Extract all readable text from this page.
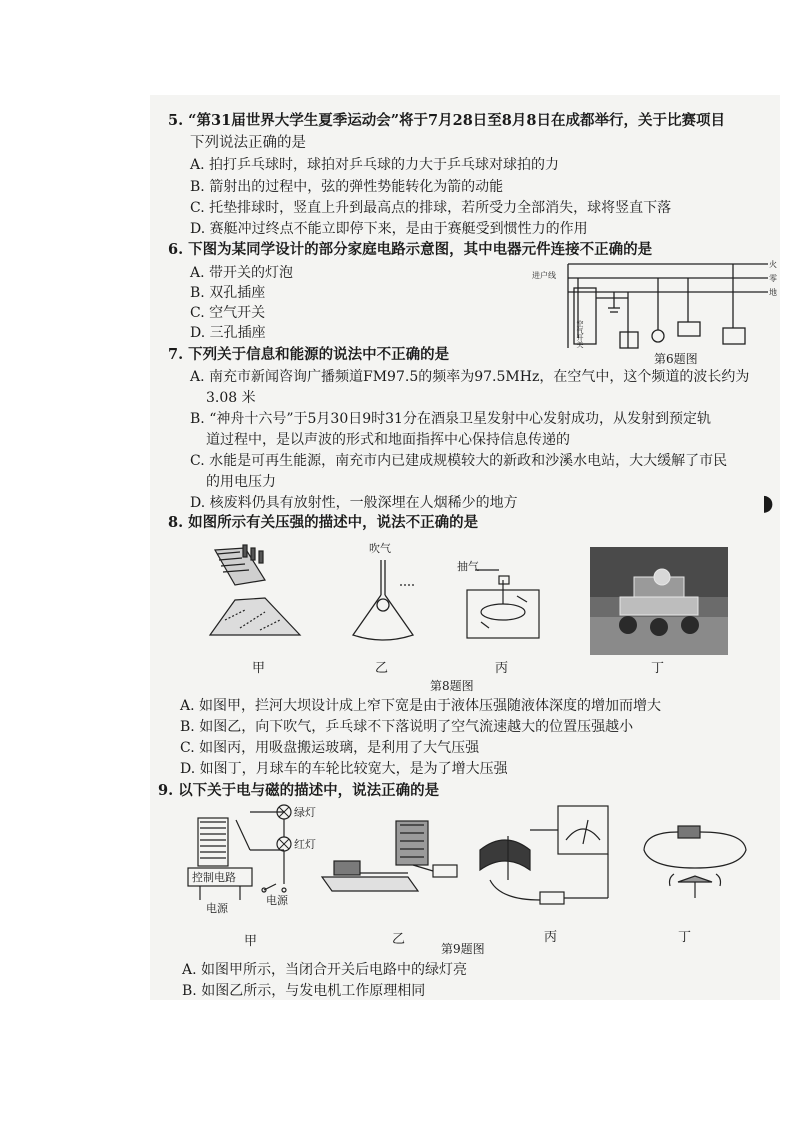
5. “第31届世界大学生夏季运动会”将于7月28日至8月8日在成都举行，关于比赛项目
下列说法正确的是
A. 拍打乒乓球时，球拍对乒乓球的力大于乒乓球对球拍的力
B. 箭射出的过程中，弦的弹性势能转化为箭的动能
C. 托垫排球时，竖直上升到最高点的排球，若所受力全部消失，球将竖直下落
D. 赛艇冲过终点不能立即停下来，是由于赛艇受到惯性力的作用
6. 下图为某同学设计的部分家庭电路示意图，其中电器元件连接不正确的是
A. 带开关的灯泡
B. 双孔插座
C. 空气开关
D. 三孔插座
进户线
空气开关
火
零
地
第6题图
7. 下列关于信息和能源的说法中不正确的是
A. 南充市新闻咨询广播频道FM97.5的频率为97.5MHz，在空气中，这个频道的波长约为
3.08 米
B. “神舟十六号”于5月30日9时31分在酒泉卫星发射中心发射成功，从发射到预定轨
道过程中，是以声波的形式和地面指挥中心保持信息传递的
C. 水能是可再生能源，南充市内已建成规模较大的新政和沙溪水电站，大大缓解了市民
的用电压力
D. 核废料仍具有放射性，一般深埋在人烟稀少的地方
8. 如图所示有关压强的描述中，说法不正确的是
甲
吹气
乙
抽气
丙	丁
第8题图
A. 如图甲，拦河大坝设计成上窄下宽是由于液体压强随液体深度的增加而增大
B. 如图乙，向下吹气，乒乓球不下落说明了空气流速越大的位置压强越小
C. 如图丙，用吸盘搬运玻璃，是利用了大气压强
D. 如图丁，月球车的车轮比较宽大，是为了增大压强
9. 以下关于电与磁的描述中，说法正确的是
绿灯
红灯
控制电路
电源
电源
甲	乙	丙	丁
第9题图
A. 如图甲所示，当闭合开关后电路中的绿灯亮
B. 如图乙所示，与发电机工作原理相同
◗
